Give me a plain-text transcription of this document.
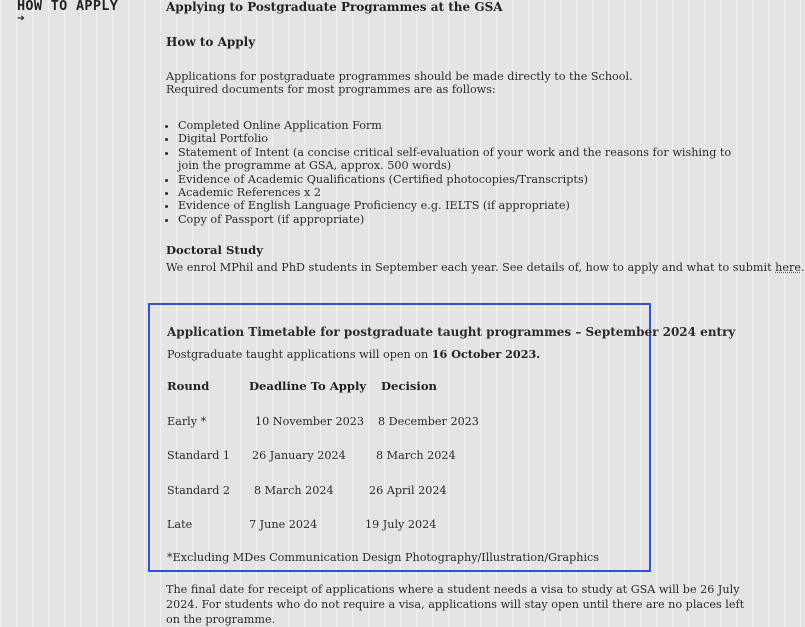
HOW TO APPLY
➔
Applying to Postgraduate Programmes at the GSA
How to Apply

Applications for postgraduate programmes should be made directly to the School.
Required documents for most programmes are as follows:

• Completed Online Application Form
• Digital Portfolio
• Statement of Intent (a concise critical self-evaluation of your work and the reasons for wishing to join the programme at GSA, approx. 500 words)
• Evidence of Academic Qualifications (Certified photocopies/Transcripts)
• Academic References x 2
• Evidence of English Language Proficiency e.g. IELTS (if appropriate)
• Copy of Passport (if appropriate)
Doctoral Study

We enrol MPhil and PhD students in September each year. See details of, how to apply and what to submit here.

Application Timetable for postgraduate taught programmes – September 2024 entry

Postgraduate taught applications will open on 16 October 2023.

Round	Deadline To Apply Decision
Early *	10 November 2023 8 December 2023
Standard 1 26 January 2024	8 March 2024
Standard 2 8 March 2024	26 April 2024
Late	7 June 2024	19 July 2024

*Excluding MDes Communication Design Photography/Illustration/Graphics

The final date for receipt of applications where a student needs a visa to study at GSA will be 26 July 2024. For students who do not require a visa, applications will stay open until there are no places left on the programme.
